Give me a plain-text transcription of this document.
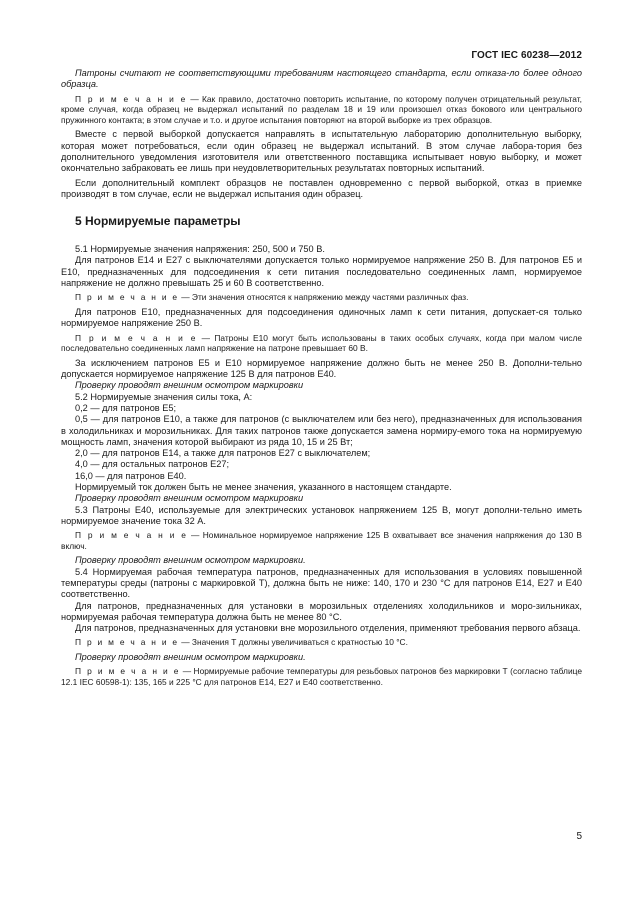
ГОСТ IEC 60238—2012

Патроны считают не соответствующими требованиям настоящего стандарта, если отказа-ло более одного образца.

П р и м е ч а н и е — Как правило, достаточно повторить испытание, по которому получен отрицательный результат, кроме случая, когда образец не выдержал испытаний по разделам 18 и 19 или произошел отказ бокового или центрального пружинного контакта; в этом случае и т.о. и другое испытания повторяют на второй выборке из трех образцов.

Вместе с первой выборкой допускается направлять в испытательную лабораторию дополнительную выборку, которая может потребоваться, если один образец не выдержал испытаний. В этом случае лабора-тория без дополнительного уведомления изготовителя или ответственного поставщика испытывает новую выборку, и может окончательно забраковать ее лишь при неудовлетворительных результатах повторных испытаний.

Если дополнительный комплект образцов не поставлен одновременно с первой выборкой, отказ в приемке производят в том случае, если не выдержал испытания один образец.

5 Нормируемые параметры

5.1 Нормируемые значения напряжения: 250, 500 и 750 В.

Для патронов Е14 и Е27 с выключателями допускается только нормируемое напряжение 250 В. Для патронов Е5 и Е10, предназначенных для подсоединения к сети питания последовательно соединенных ламп, нормируемое напряжение не должно превышать 25 и 60 В соответственно.

П р и м е ч а н и е — Эти значения относятся к напряжению между частями различных фаз.

Для патронов Е10, предназначенных для подсоединения одиночных ламп к сети питания, допускает-ся только нормируемое напряжение 250 В.

П р и м е ч а н и е — Патроны Е10 могут быть использованы в таких особых случаях, когда при малом числе последовательно соединенных ламп напряжение на патроне превышает 60 В.

За исключением патронов Е5 и Е10 нормируемое напряжение должно быть не менее 250 В. Дополни-тельно допускается нормируемое напряжение 125 В для патронов Е40.

Проверку проводят внешним осмотром маркировки

5.2 Нормируемые значения силы тока, А:

0,2 — для патронов Е5;

0,5 — для патронов Е10, а также для патронов (с выключателем или без него), предназначенных для использования в холодильниках и морозильниках. Для таких патронов также допускается замена нормиру-емого тока на нормируемую мощность ламп, значения которой выбирают из ряда 10, 15 и 25 Вт;

2,0 — для патронов Е14, а также для патронов Е27 с выключателем;

4,0 — для остальных патронов Е27;

16,0 — для патронов Е40.

Нормируемый ток должен быть не менее значения, указанного в настоящем стандарте.

Проверку проводят внешним осмотром маркировки

5.3 Патроны Е40, используемые для электрических установок напряжением 125 В, могут дополни-тельно иметь нормируемое значение тока 32 А.

П р и м е ч а н и е — Номинальное нормируемое напряжение 125 В охватывает все значения напряжения до 130 В включ.

Проверку проводят внешним осмотром маркировки.

5.4 Нормируемая рабочая температура патронов, предназначенных для использования в условиях повышенной температуры среды (патроны с маркировкой Т), должна быть не ниже: 140, 170 и 230 °С для патронов Е14, Е27 и Е40 соответственно.

Для патронов, предназначенных для установки в морозильных отделениях холодильников и моро-зильниках, нормируемая рабочая температура должна быть не менее 80 °С.

Для патронов, предназначенных для установки вне морозильного отделения, применяют требования первого абзаца.

П р и м е ч а н и е — Значения Т должны увеличиваться с кратностью 10 °С.

Проверку проводят внешним осмотром маркировки.

П р и м е ч а н и е — Нормируемые рабочие температуры для резьбовых патронов без маркировки Т (согласно таблице 12.1 IEC 60598-1): 135, 165 и 225 °С для патронов Е14, Е27 и Е40 соответственно.

5
